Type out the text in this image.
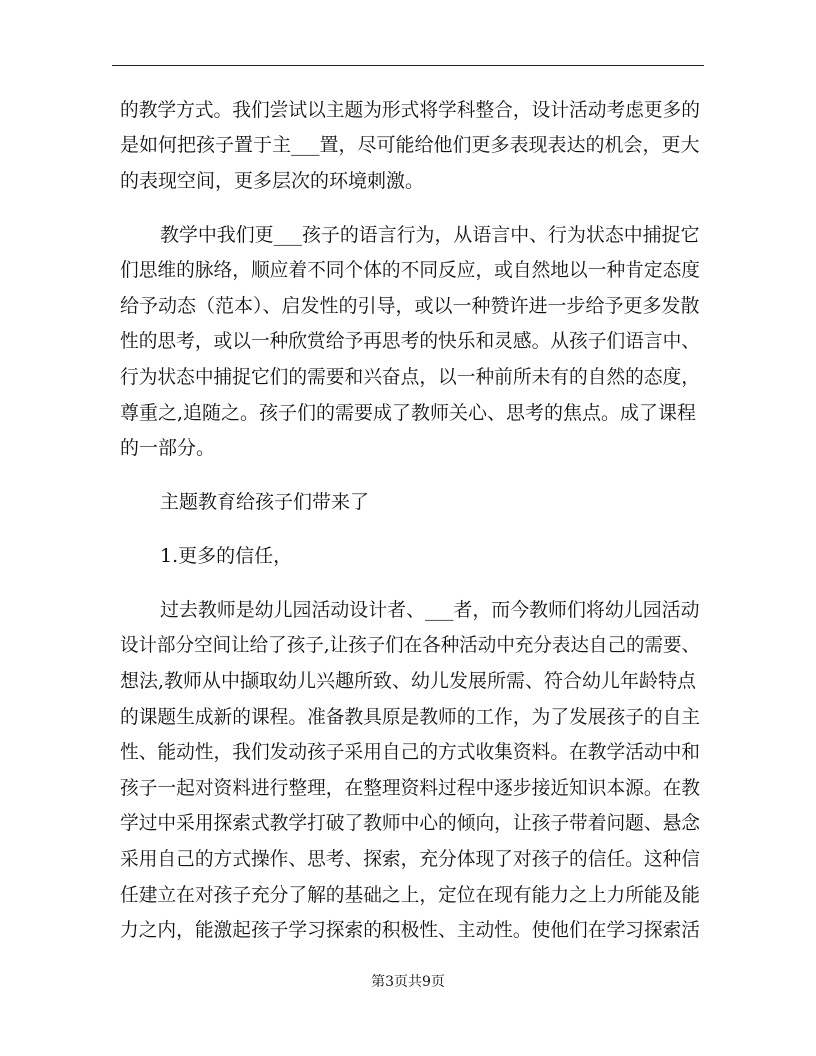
的教学方式。我们尝试以主题为形式将学科整合，设计活动考虑更多的
是如何把孩子置于主___置，尽可能给他们更多表现表达的机会，更大
的表现空间，更多层次的环境刺激。
教学中我们更___孩子的语言行为，从语言中、行为状态中捕捉它
们思维的脉络，顺应着不同个体的不同反应，或自然地以一种肯定态度
给予动态（范本）、启发性的引导，或以一种赞许进一步给予更多发散
性的思考，或以一种欣赏给予再思考的快乐和灵感。从孩子们语言中、
行为状态中捕捉它们的需要和兴奋点，以一种前所未有的自然的态度，
尊重之,追随之。孩子们的需要成了教师关心、思考的焦点。成了课程
的一部分。
主题教育给孩子们带来了
1.更多的信任，
过去教师是幼儿园活动设计者、___者，而今教师们将幼儿园活动
设计部分空间让给了孩子,让孩子们在各种活动中充分表达自己的需要、
想法,教师从中撷取幼儿兴趣所致、幼儿发展所需、符合幼儿年龄特点
的课题生成新的课程。准备教具原是教师的工作，为了发展孩子的自主
性、能动性，我们发动孩子采用自己的方式收集资料。在教学活动中和
孩子一起对资料进行整理，在整理资料过程中逐步接近知识本源。在教
学过中采用探索式教学打破了教师中心的倾向，让孩子带着问题、悬念
采用自己的方式操作、思考、探索，充分体现了对孩子的信任。这种信
任建立在对孩子充分了解的基础之上，定位在现有能力之上力所能及能
力之内，能激起孩子学习探索的积极性、主动性。使他们在学习探索活
第3页共9页
